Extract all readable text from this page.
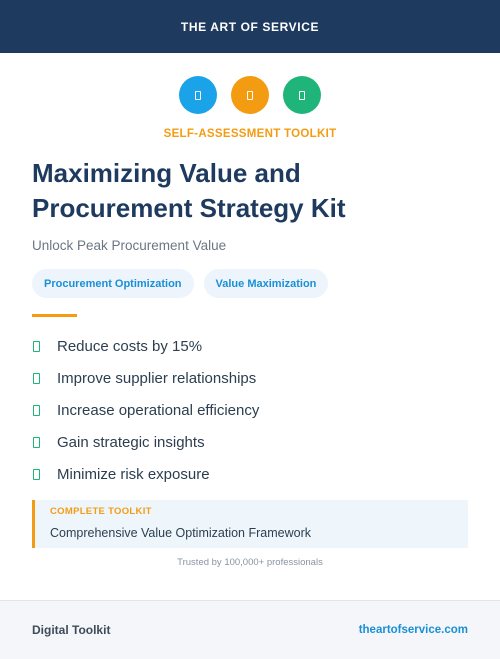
THE ART OF SERVICE
SELF-ASSESSMENT TOOLKIT
Maximizing Value and
Procurement Strategy Kit
Unlock Peak Procurement Value
Procurement Optimization	Value Maximization
Reduce costs by 15%
Improve supplier relationships
Increase operational efficiency
Gain strategic insights
Minimize risk exposure
COMPLETE TOOLKIT
Comprehensive Value Optimization Framework
Trusted by 100,000+ professionals
Digital Toolkit	theartofservice.com
